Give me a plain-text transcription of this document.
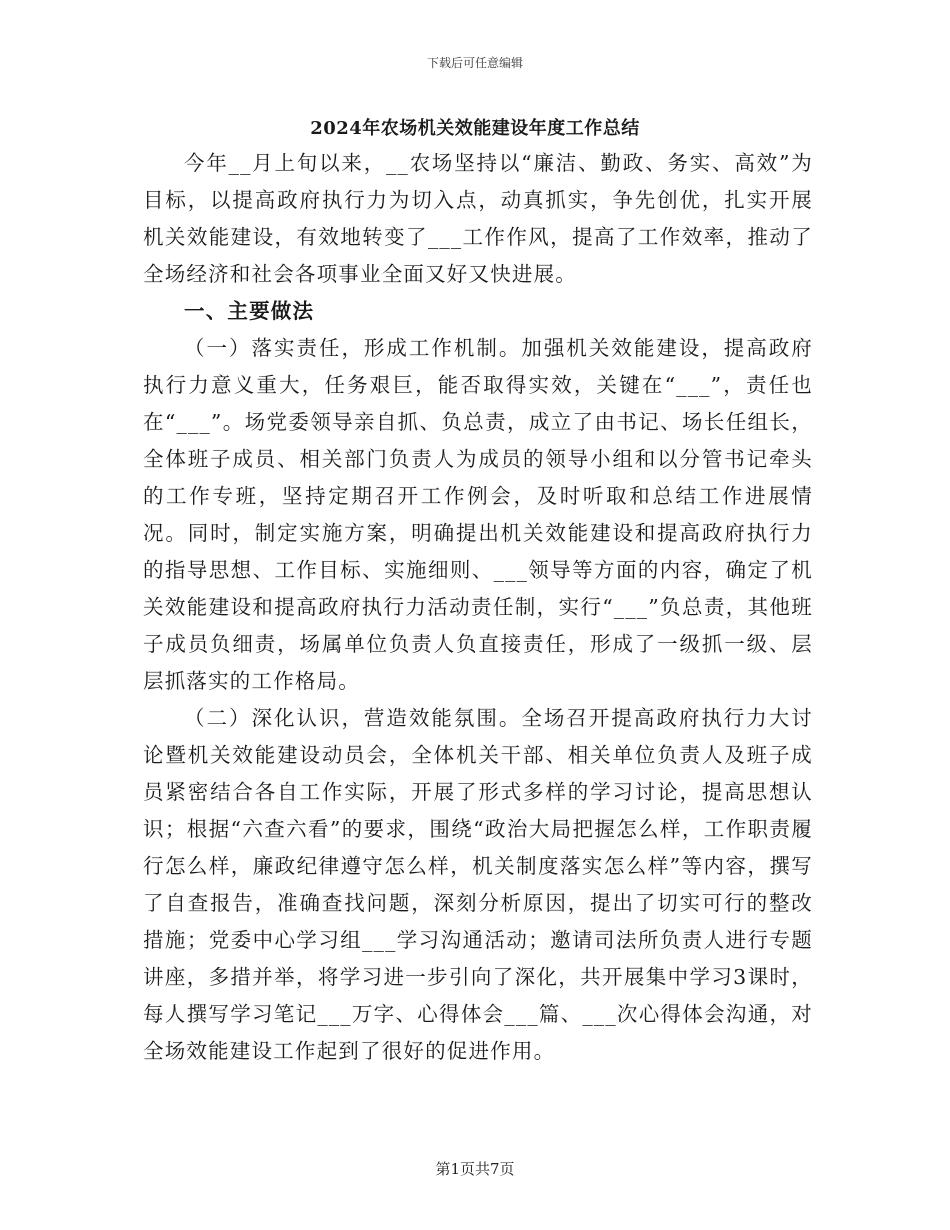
下载后可任意编辑
2024年农场机关效能建设年度工作总结

今年__月上旬以来，__农场坚持以“廉洁、勤政、务实、高效”为目标，以提高政府执行力为切入点，动真抓实，争先创优，扎实开展机关效能建设，有效地转变了___工作作风，提高了工作效率，推动了全场经济和社会各项事业全面又好又快进展。

一、主要做法

（一）落实责任，形成工作机制。加强机关效能建设，提高政府执行力意义重大，任务艰巨，能否取得实效，关键在“___”，责任也在“___”。场党委领导亲自抓、负总责，成立了由书记、场长任组长，全体班子成员、相关部门负责人为成员的领导小组和以分管书记牵头的工作专班，坚持定期召开工作例会，及时听取和总结工作进展情况。同时，制定实施方案，明确提出机关效能建设和提高政府执行力的指导思想、工作目标、实施细则、___领导等方面的内容，确定了机关效能建设和提高政府执行力活动责任制，实行“___”负总责，其他班子成员负细责，场属单位负责人负直接责任，形成了一级抓一级、层层抓落实的工作格局。

（二）深化认识，营造效能氛围。全场召开提高政府执行力大讨论暨机关效能建设动员会，全体机关干部、相关单位负责人及班子成员紧密结合各自工作实际，开展了形式多样的学习讨论，提高思想认识；根据“六查六看”的要求，围绕“政治大局把握怎么样，工作职责履行怎么样，廉政纪律遵守怎么样，机关制度落实怎么样”等内容，撰写了自查报告，准确查找问题，深刻分析原因，提出了切实可行的整改措施；党委中心学习组___学习沟通活动；邀请司法所负责人进行专题讲座，多措并举，将学习进一步引向了深化，共开展集中学习3课时，每人撰写学习笔记___万字、心得体会___篇、___次心得体会沟通，对全场效能建设工作起到了很好的促进作用。

第1页共7页
